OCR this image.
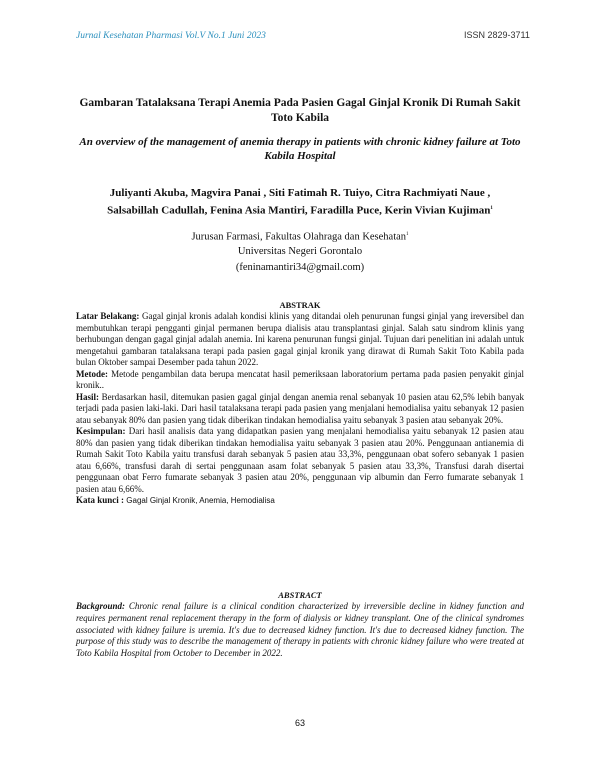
Jurnal Kesehatan Pharmasi Vol.V No.1 Juni 2023	ISSN 2829-3711
Gambaran Tatalaksana Terapi Anemia Pada Pasien Gagal Ginjal Kronik Di Rumah Sakit Toto Kabila
An overview of the management of anemia therapy in patients with chronic kidney failure at Toto Kabila Hospital
Juliyanti Akuba, Magvira Panai , Siti Fatimah R. Tuiyo, Citra Rachmiyati Naue ,
Salsabillah Cadullah, Fenina Asia Mantiri, Faradilla Puce, Kerin Vivian Kujiman$^1$
Jurusan Farmasi, Fakultas Olahraga dan Kesehatan$^1$
Universitas Negeri Gorontalo
(feninamantiri34@gmail.com)
ABSTRAK

Latar Belakang: Gagal ginjal kronis adalah kondisi klinis yang ditandai oleh penurunan fungsi ginjal yang ireversibel dan membutuhkan terapi pengganti ginjal permanen berupa dialisis atau transplantasi ginjal. Salah satu sindrom klinis yang berhubungan dengan gagal ginjal adalah anemia. Ini karena penurunan fungsi ginjal. Tujuan dari penelitian ini adalah untuk mengetahui gambaran tatalaksana terapi pada pasien gagal ginjal kronik yang dirawat di Rumah Sakit Toto Kabila pada bulan Oktober sampai Desember pada tahun 2022.

Metode: Metode pengambilan data berupa mencatat hasil pemeriksaan laboratorium pertama pada pasien penyakit ginjal kronik..

Hasil: Berdasarkan hasil, ditemukan pasien gagal ginjal dengan anemia renal sebanyak 10 pasien atau 62,5% lebih banyak terjadi pada pasien laki-laki. Dari hasil tatalaksana terapi pada pasien yang menjalani hemodialisa yaitu sebanyak 12 pasien atau sebanyak 80% dan pasien yang tidak diberikan tindakan hemodialisa yaitu sebanyak 3 pasien atau sebanyak 20%.

Kesimpulan: Dari hasil analisis data yang didapatkan pasien yang menjalani hemodialisa yaitu sebanyak 12 pasien atau 80% dan pasien yang tidak diberikan tindakan hemodialisa yaitu sebanyak 3 pasien atau 20%. Penggunaan antianemia di Rumah Sakit Toto Kabila yaitu transfusi darah sebanyak 5 pasien atau 33,3%, penggunaan obat sofero sebanyak 1 pasien atau 6,66%, transfusi darah di sertai penggunaan asam folat sebanyak 5 pasien atau 33,3%, Transfusi darah disertai penggunaan obat Ferro fumarate sebanyak 3 pasien atau 20%, penggunaan vip albumin dan Ferro fumarate sebanyak 1 pasien atau 6,66%.

Kata kunci : Gagal Ginjal Kronik, Anemia, Hemodialisa

ABSTRACT
Background: Chronic renal failure is a clinical condition characterized by irreversible decline in kidney function and requires permanent renal replacement therapy in the form of dialysis or kidney transplant. One of the clinical syndromes associated with kidney failure is uremia. It's due to decreased kidney function. It's due to decreased kidney function. The purpose of this study was to describe the management of therapy in patients with chronic kidney failure who were treated at Toto Kabila Hospital from October to December in 2022.
63
